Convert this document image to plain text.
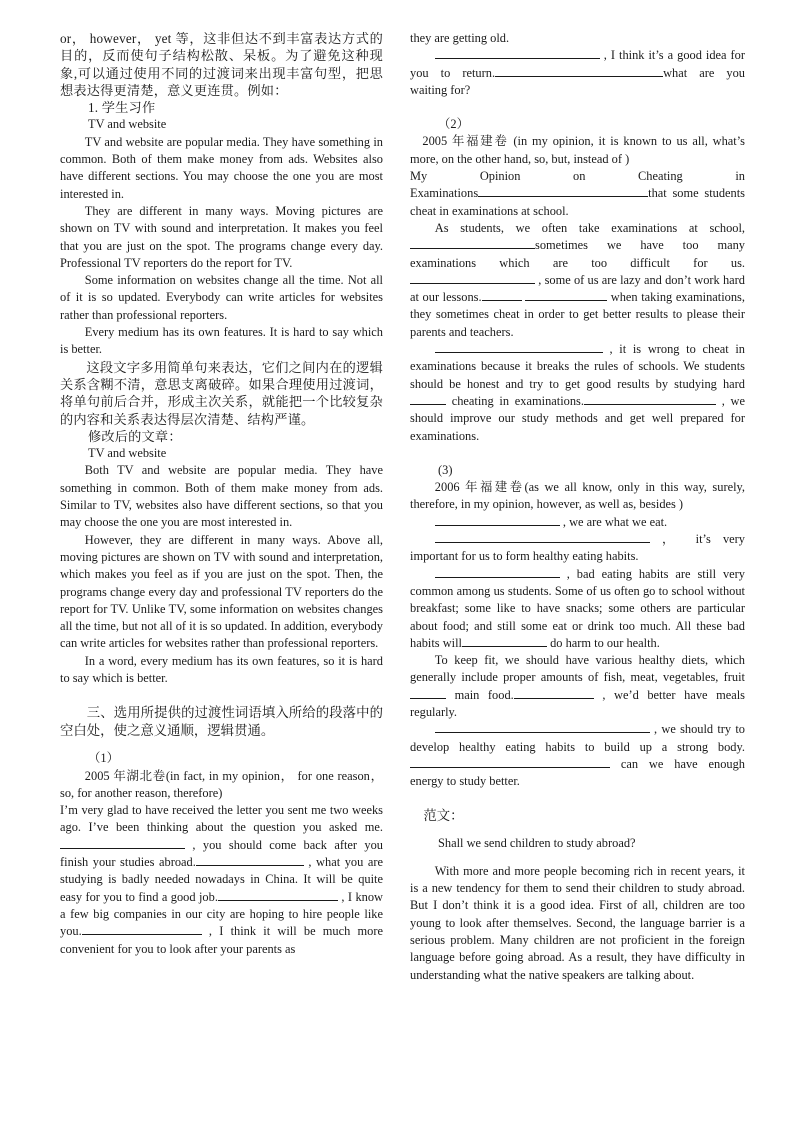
or， however， yet 等，这非但达不到丰富表达方式的目的，反而使句子结构松散、呆板。为了避免这种现象,可以通过使用不同的过渡词来出现丰富句型，把思想表达得更清楚，意义更连贯。例如：

1. 学生习作

TV and website

TV and website are popular media. They have something in common. Both of them make money from ads. Websites also have different sections. You may choose the one you are most interested in.

They are different in many ways. Moving pictures are shown on TV with sound and interpretation. It makes you feel that you are just on the spot. The programs change every day. Professional TV reporters do the report for TV.

Some information on websites change all the time. Not all of it is so updated. Everybody can write articles for websites rather than professional reporters.

Every medium has its own features. It is hard to say which is better.

这段文字多用简单句来表达，它们之间内在的逻辑关系含糊不清，意思支离破碎。如果合理使用过渡词，将单句前后合并，形成主次关系，就能把一个比较复杂的内容和关系表达得层次清楚、结构严谨。

修改后的文章：

TV and website

Both TV and website are popular media. They have something in common. Both of them make money from ads. Similar to TV, websites also have different sections, so that you may choose the one you are most interested in.

However, they are different in many ways. Above all, moving pictures are shown on TV with sound and interpretation, which makes you feel as if you are just on the spot. Then, the programs change every day and professional TV reporters do the report for TV. Unlike TV, some information on websites changes all the time, but not all of it is so updated. In addition, everybody can write articles for websites rather than professional reporters.

In a word, every medium has its own features, so it is hard to say which is better.

三、选用所提供的过渡性词语填入所给的段落中的空白处，使之意义通顺，逻辑贯通。

（1）

2005 年湖北卷(in fact, in my opinion， for one reason， so, for another reason, therefore)

I’m very glad to have received the letter you sent me two weeks ago. I’ve been thinking about the question you asked me.  , you should come back after you finish your studies abroad.	, what you are studying is badly needed nowadays in China. It will be quite easy for you to find a good job.	, I know a few big companies in our city are hoping to hire people like you.	, I think it will be much more convenient for you to look after your parents as

they are getting old.

, I think it’s a good idea for you to return.	what are you waiting for?

（2）

2005 年福建卷 (in my opinion, it is known to us all, what’s more, on the other hand, so, but, instead of )

My Opinion on Cheating in Examinations	that some students cheat in examinations at school.

As students, we often take examinations at school,sometimes we have too many examinations which are too difficult for us. , some of us are lazy and don’t work hard at our lessons.	when taking examinations, they sometimes cheat in order to get better results to please their parents and teachers.

, it is wrong to cheat in examinations because it breaks the rules of schools. We students should be honest and try to get good results by studying hard cheating in examinations.	, we should improve our study methods and get well prepared for examinations.

(3)

2006 年福建卷(as we all know, only in this way, surely, therefore, in my opinion, however, as well as, besides )

, we are what we eat.

， it’s very important for us to form healthy eating habits.

, bad eating habits are still very common among us students. Some of us often go to school without breakfast; some like to have snacks; some others are particular about food; and still some eat or drink too much. All these bad habits will	do harm to our health.

To keep fit, we should have various healthy diets, which generally include proper amounts of fish, meat, vegetables, fruit main food.	, we’d better have meals regularly.

, we should try to develop healthy eating habits to build up a strong body. can we have enough energy to study better.

范文：

Shall we send children to study abroad?

With more and more people becoming rich in recent years, it is a new tendency for them to send their children to study abroad. But I don’t think it is a good idea. First of all, children are too young to look after themselves. Second, the language barrier is a serious problem. Many children are not proficient in the foreign language before going abroad. As a result, they have difficulty in understanding what the native speakers are talking about.
